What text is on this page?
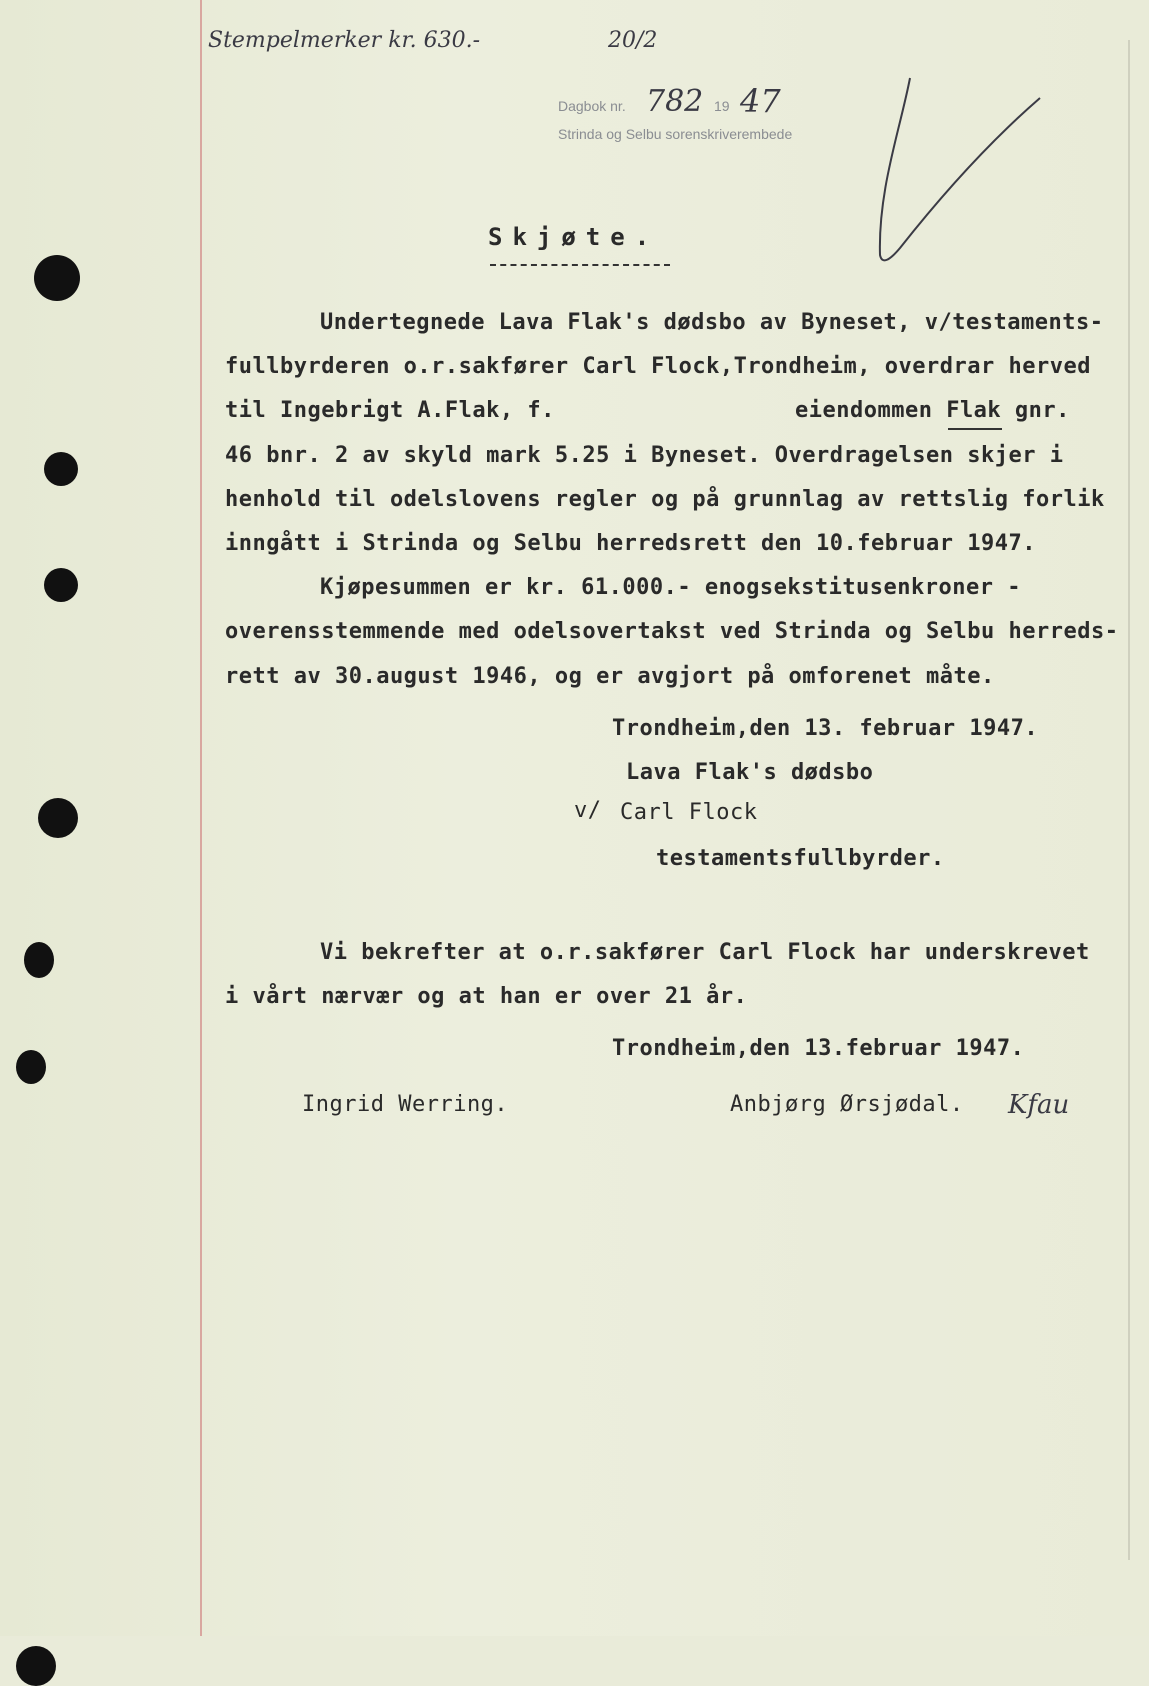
Stempelmerker kr. 630.-	20/2
Dagbok nr. 782 19 47
Strinda og Selbu sorenskriverembede
Skjøte.
Undertegnede Lava Flak's dødsbo av Byneset, v/testaments-
fullbyrderen o.r.sakfører Carl Flock,Trondheim, overdrar herved
til Ingebrigt A.Flak, f.	eiendommen Flak gnr.
46 bnr. 2 av skyld mark 5.25 i Byneset. Overdragelsen skjer i
henhold til odelslovens regler og på grunnlag av rettslig forlik
inngått i Strinda og Selbu herredsrett den 10.februar 1947.
Kjøpesummen er kr. 61.000.- enogsekstitusenkroner -
overensstemmende med odelsovertakst ved Strinda og Selbu herreds-
rett av 30.august 1946, og er avgjort på omforenet måte.
Trondheim,den 13. februar 1947.
Lava Flak's dødsbo
v/ Carl Flock
testamentsfullbyrder.
Vi bekrefter at o.r.sakfører Carl Flock har underskrevet
i vårt nærvær og at han er over 21 år.
Trondheim,den 13.februar 1947.
Ingrid Werring.	Anbjørg Ørsjødal. Kfau
